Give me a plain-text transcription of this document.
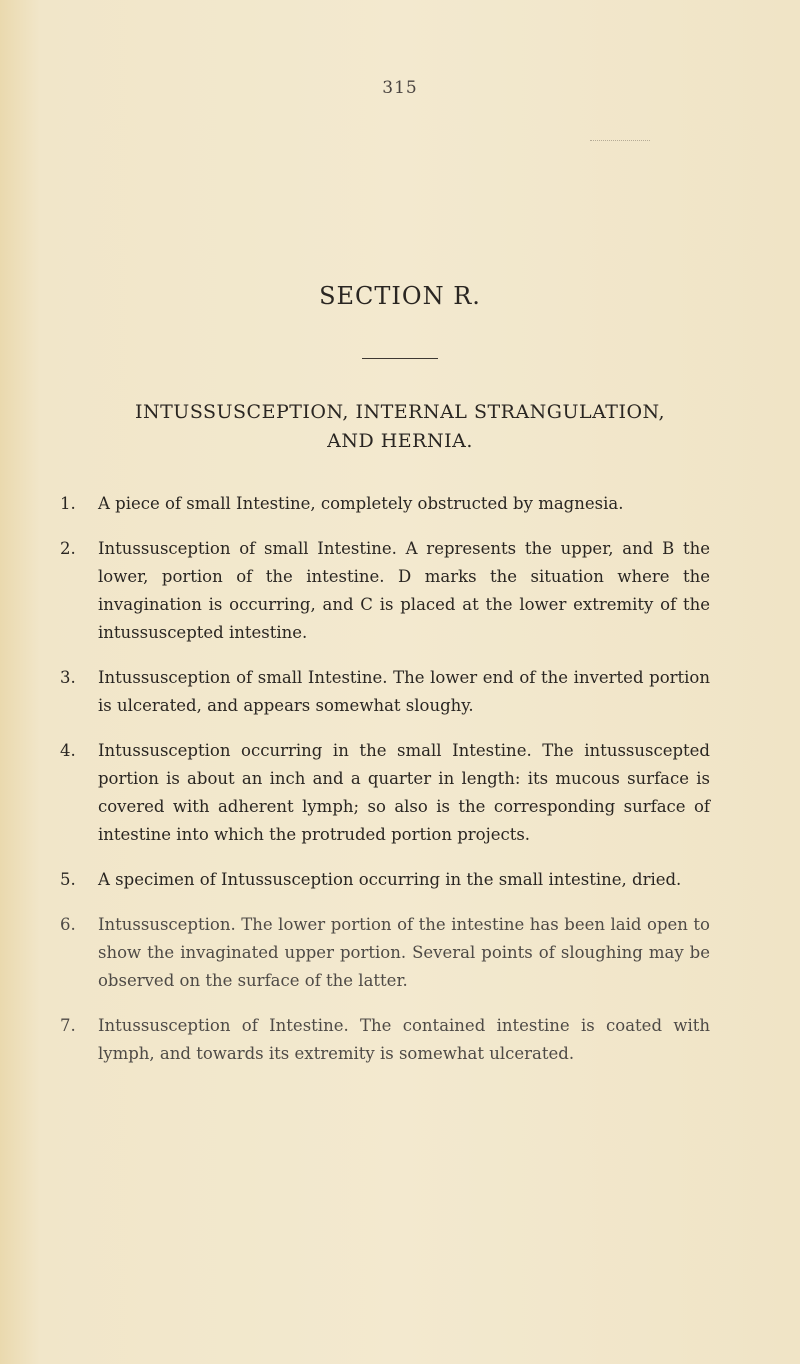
315
SECTION R.
INTUSSUSCEPTION, INTERNAL STRANGULATION, AND HERNIA.
1.	A piece of small Intestine, completely obstructed by magnesia.
2.	Intussusception of small Intestine. A represents the upper, and B the lower, portion of the intestine. D marks the situation where the invagination is occurring, and C is placed at the lower extremity of the intussuscepted intestine.
3.	Intussusception of small Intestine. The lower end of the inverted portion is ulcerated, and appears somewhat sloughy.
4.	Intussusception occurring in the small Intestine. The intussuscepted portion is about an inch and a quarter in length: its mucous surface is covered with adherent lymph; so also is the corresponding surface of intestine into which the protruded portion projects.
5.	A specimen of Intussusception occurring in the small intestine, dried.
6.	Intussusception. The lower portion of the intestine has been laid open to show the invaginated upper portion. Several points of sloughing may be observed on the surface of the latter.
7.	Intussusception of Intestine. The contained intestine is coated with lymph, and towards its extremity is somewhat ulcerated.
